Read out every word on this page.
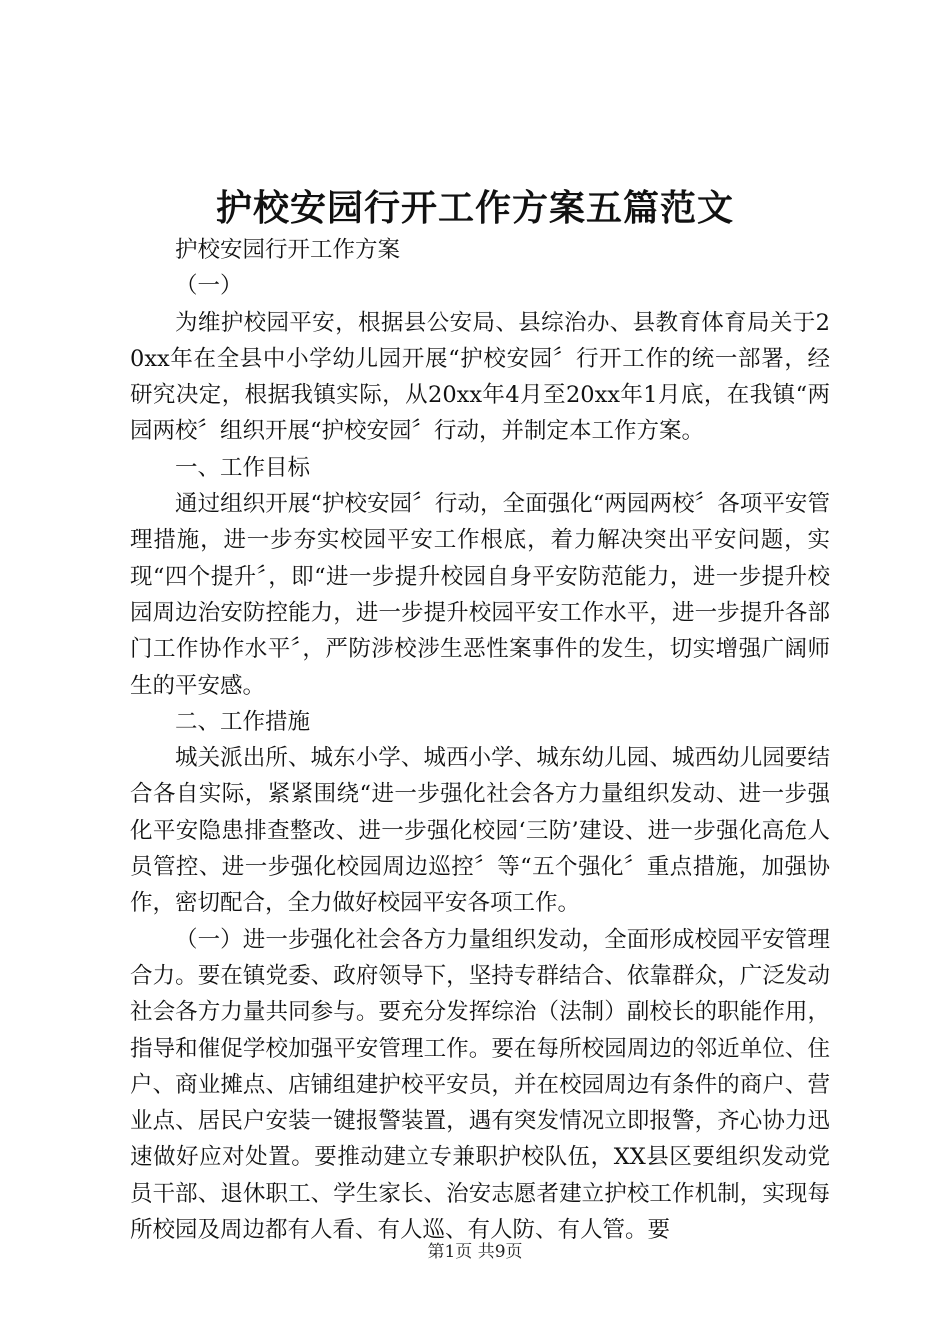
护校安园行开工作方案五篇范文

护校安园行开工作方案

（一）

为维护校园平安，根据县公安局、县综治办、县教育体育局关于20xx年在全县中小学幼儿园开展“护校安园〞行开工作的统一部署，经研究决定，根据我镇实际，从20xx年4月至20xx年1月底，在我镇“两园两校〞组织开展“护校安园〞行动，并制定本工作方案。

一、工作目标

通过组织开展“护校安园〞行动，全面强化“两园两校〞各项平安管理措施，进一步夯实校园平安工作根底，着力解决突出平安问题，实现“四个提升〞，即“进一步提升校园自身平安防范能力，进一步提升校园周边治安防控能力，进一步提升校园平安工作水平，进一步提升各部门工作协作水平〞，严防涉校涉生恶性案事件的发生，切实增强广阔师生的平安感。

二、工作措施

城关派出所、城东小学、城西小学、城东幼儿园、城西幼儿园要结合各自实际，紧紧围绕“进一步强化社会各方力量组织发动、进一步强化平安隐患排查整改、进一步强化校园‘三防’建设、进一步强化高危人员管控、进一步强化校园周边巡控〞等“五个强化〞重点措施，加强协作，密切配合，全力做好校园平安各项工作。

（一）进一步强化社会各方力量组织发动，全面形成校园平安管理合力。要在镇党委、政府领导下，坚持专群结合、依靠群众，广泛发动社会各方力量共同参与。要充分发挥综治（法制）副校长的职能作用，指导和催促学校加强平安管理工作。要在每所校园周边的邻近单位、住户、商业摊点、店铺组建护校平安员，并在校园周边有条件的商户、营业点、居民户安装一键报警装置，遇有突发情况立即报警，齐心协力迅速做好应对处置。要推动建立专兼职护校队伍，XX县区要组织发动党员干部、退休职工、学生家长、治安志愿者建立护校工作机制，实现每所校园及周边都有人看、有人巡、有人防、有人管。要

第1页 共9页
